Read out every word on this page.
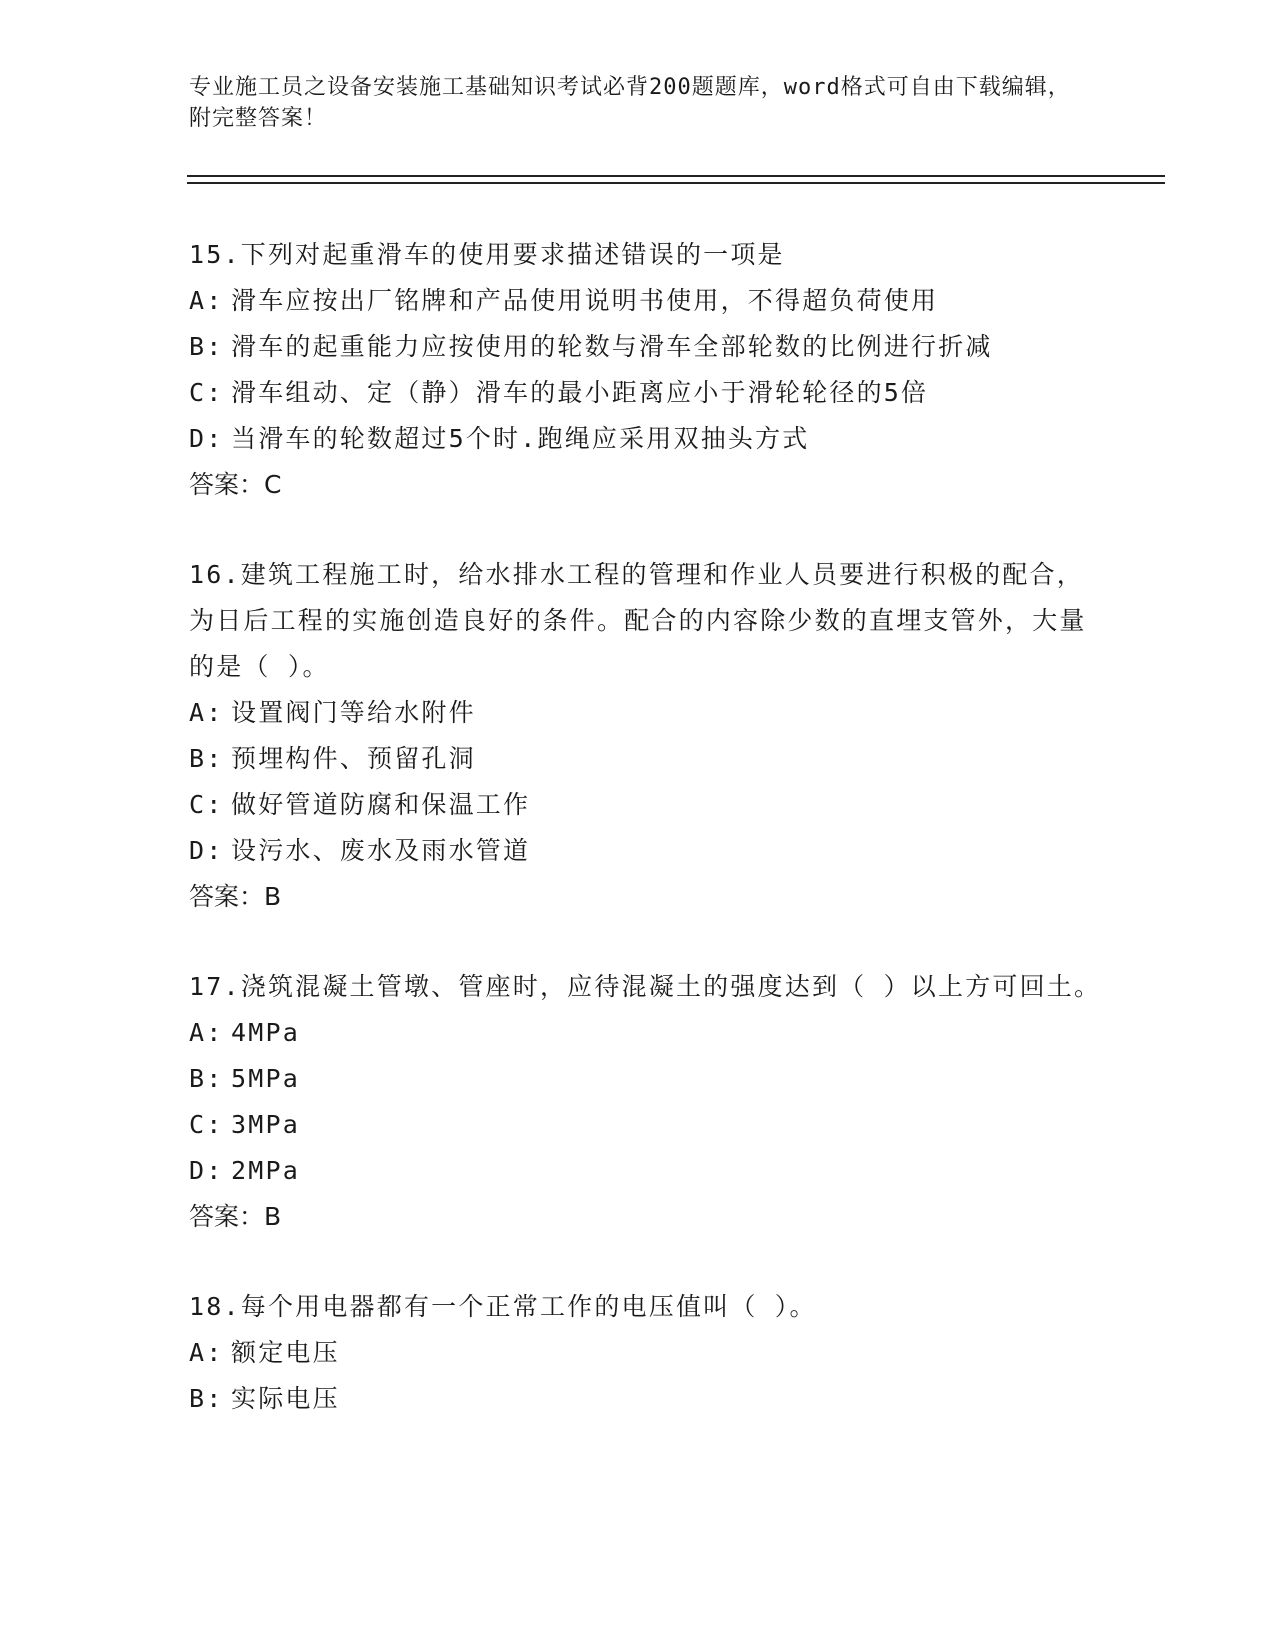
专业施工员之设备安装施工基础知识考试必背200题题库，word格式可自由下载编辑，附完整答案！

15.下列对起重滑车的使用要求描述错误的一项是

A: 滑车应按出厂铭牌和产品使用说明书使用，不得超负荷使用

B: 滑车的起重能力应按使用的轮数与滑车全部轮数的比例进行折减

C: 滑车组动、定（静）滑车的最小距离应小于滑轮轮径的5倍

D: 当滑车的轮数超过5个时.跑绳应采用双抽头方式

答案：C

16.建筑工程施工时，给水排水工程的管理和作业人员要进行积极的配合，为日后工程的实施创造良好的条件。配合的内容除少数的直埋支管外，大量的是（ ）。

A: 设置阀门等给水附件

B: 预埋构件、预留孔洞

C: 做好管道防腐和保温工作

D: 设污水、废水及雨水管道

答案：B

17.浇筑混凝土管墩、管座时，应待混凝土的强度达到（ ）以上方可回土。

A: 4MPa

B: 5MPa

C: 3MPa

D: 2MPa

答案：B

18.每个用电器都有一个正常工作的电压值叫（ ）。

A: 额定电压

B: 实际电压
